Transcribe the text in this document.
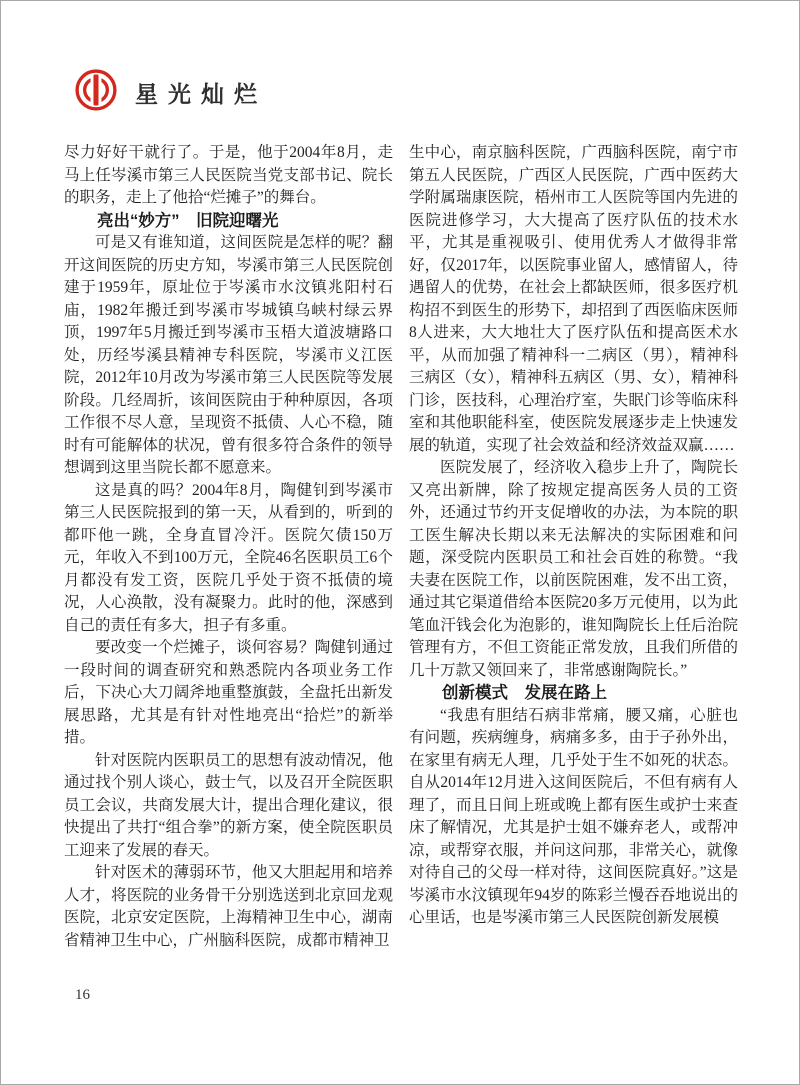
星光灿烂

尽力好好干就行了。于是，他于2004年8月，走马上任岑溪市第三人民医院当党支部书记、院长的职务，走上了他拾“烂摊子”的舞台。

亮出“妙方”　旧院迎曙光

可是又有谁知道，这间医院是怎样的呢？翻开这间医院的历史方知，岑溪市第三人民医院创建于1959年，原址位于岑溪市水汶镇兆阳村石庙，1982年搬迁到岑溪市岑城镇乌峡村绿云界顶，1997年5月搬迁到岑溪市玉梧大道波塘路口处，历经岑溪县精神专科医院，岑溪市义江医院，2012年10月改为岑溪市第三人民医院等发展阶段。几经周折，该间医院由于种种原因，各项工作很不尽人意，呈现资不抵债、人心不稳，随时有可能解体的状况，曾有很多符合条件的领导想调到这里当院长都不愿意来。

这是真的吗？2004年8月，陶健钊到岑溪市第三人民医院报到的第一天，从看到的，听到的都吓他一跳，全身直冒冷汗。医院欠债150万元，年收入不到100万元，全院46名医职员工6个月都没有发工资，医院几乎处于资不抵债的境况，人心涣散，没有凝聚力。此时的他，深感到自己的责任有多大，担子有多重。

要改变一个烂摊子，谈何容易？陶健钊通过一段时间的调查研究和熟悉院内各项业务工作后，下决心大刀阔斧地重整旗鼓，全盘托出新发展思路，尤其是有针对性地亮出“拾烂”的新举措。

针对医院内医职员工的思想有波动情况，他通过找个别人谈心，鼓士气，以及召开全院医职员工会议，共商发展大计，提出合理化建议，很快提出了共打“组合拳”的新方案，使全院医职员工迎来了发展的春天。

针对医术的薄弱环节，他又大胆起用和培养人才，将医院的业务骨干分别选送到北京回龙观医院，北京安定医院，上海精神卫生中心，湖南省精神卫生中心，广州脑科医院，成都市精神卫

生中心，南京脑科医院，广西脑科医院，南宁市第五人民医院，广西区人民医院，广西中医药大学附属瑞康医院，梧州市工人医院等国内先进的医院进修学习，大大提高了医疗队伍的技术水平，尤其是重视吸引、使用优秀人才做得非常好，仅2017年，以医院事业留人，感情留人，待遇留人的优势，在社会上都缺医师，很多医疗机构招不到医生的形势下，却招到了西医临床医师8人进来，大大地壮大了医疗队伍和提高医术水平，从而加强了精神科一二病区（男），精神科三病区（女），精神科五病区（男、女），精神科门诊，医技科，心理治疗室，失眠门诊等临床科室和其他职能科室，使医院发展逐步走上快速发展的轨道，实现了社会效益和经济效益双赢……

医院发展了，经济收入稳步上升了，陶院长又亮出新牌，除了按规定提高医务人员的工资外，还通过节约开支促增收的办法，为本院的职工医生解决长期以来无法解决的实际困难和问题，深受院内医职员工和社会百姓的称赞。“我夫妻在医院工作，以前医院困难，发不出工资，通过其它渠道借给本医院20多万元使用，以为此笔血汗钱会化为泡影的，谁知陶院长上任后治院管理有方，不但工资能正常发放，且我们所借的几十万款又领回来了，非常感谢陶院长。”

创新模式　发展在路上

“我患有胆结石病非常痛，腰又痛，心脏也有问题，疾病缠身，病痛多多，由于子孙外出，在家里有病无人理，几乎处于生不如死的状态。自从2014年12月进入这间医院后，不但有病有人理了，而且日间上班或晚上都有医生或护士来查床了解情况，尤其是护士姐不嫌弃老人，或帮冲凉，或帮穿衣服，并问这问那，非常关心，就像对待自己的父母一样对待，这间医院真好。”这是岑溪市水汶镇现年94岁的陈彩兰慢吞吞地说出的心里话，也是岑溪市第三人民医院创新发展模

16
